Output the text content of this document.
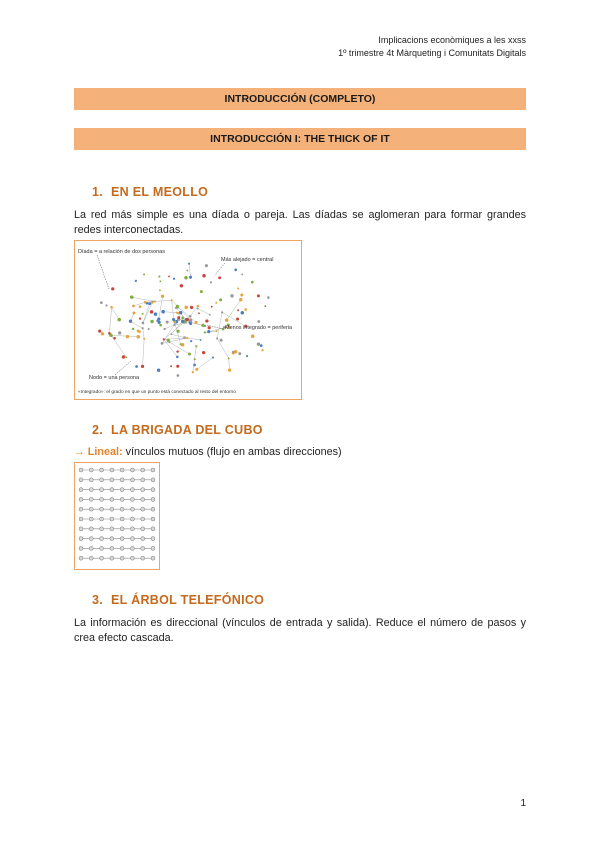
Implicacions econòmiques a les xxss
1º trimestre 4t Màrqueting i Comunitats Digitals
INTRODUCCIÓN (COMPLETO)
INTRODUCCIÓN I: THE THICK OF IT
1. EN EL MEOLLO
La red más simple es una díada o pareja. Las díadas se aglomeran para formar grandes redes interconectadas.
Díada = a relación de dos personas
Más alejado = central
Menos integrado = periferia
Nodo = una persona
«Integrado»: el grado en que un punto está conectado al resto del entorno
2. LA BRIGADA DEL CUBO
→ Lineal: vínculos mutuos (flujo en ambas direcciones)
3. EL ÁRBOL TELEFÓNICO
La información es direccional (vínculos de entrada y salida). Reduce el número de pasos y crea efecto cascada.
1
